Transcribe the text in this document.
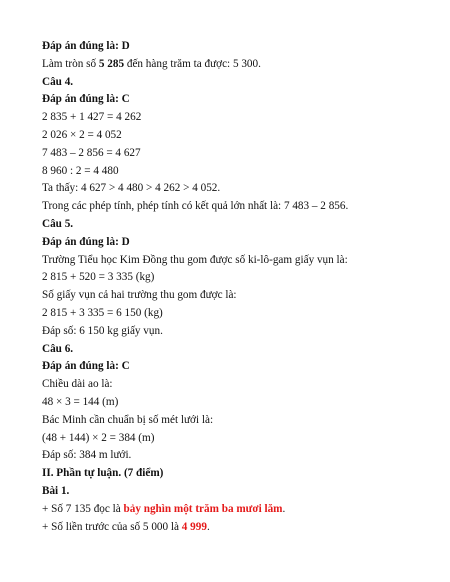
Đáp án đúng là: D
Làm tròn số 5 285 đến hàng trăm ta được: 5 300.
Câu 4.
Đáp án đúng là: C
2 835 + 1 427 = 4 262
2 026 × 2 = 4 052
7 483 – 2 856 = 4 627
8 960 : 2 = 4 480
Ta thấy: 4 627 > 4 480 > 4 262 > 4 052.
Trong các phép tính, phép tính có kết quả lớn nhất là: 7 483 – 2 856.
Câu 5.
Đáp án đúng là: D
Trường Tiểu học Kim Đồng thu gom được số ki-lô-gam giấy vụn là:
2 815 + 520 = 3 335 (kg)
Số giấy vụn cả hai trường thu gom được là:
2 815 + 3 335 = 6 150 (kg)
Đáp số: 6 150 kg giấy vụn.
Câu 6.
Đáp án đúng là: C
Chiều dài ao là:
48 × 3 = 144 (m)
Bác Minh cần chuẩn bị số mét lưới là:
(48 + 144) × 2 = 384 (m)
Đáp số: 384 m lưới.
II. Phần tự luận. (7 điểm)
Bài 1.
+ Số 7 135 đọc là bảy nghìn một trăm ba mươi lăm.
+ Số liền trước của số 5 000 là 4 999.
